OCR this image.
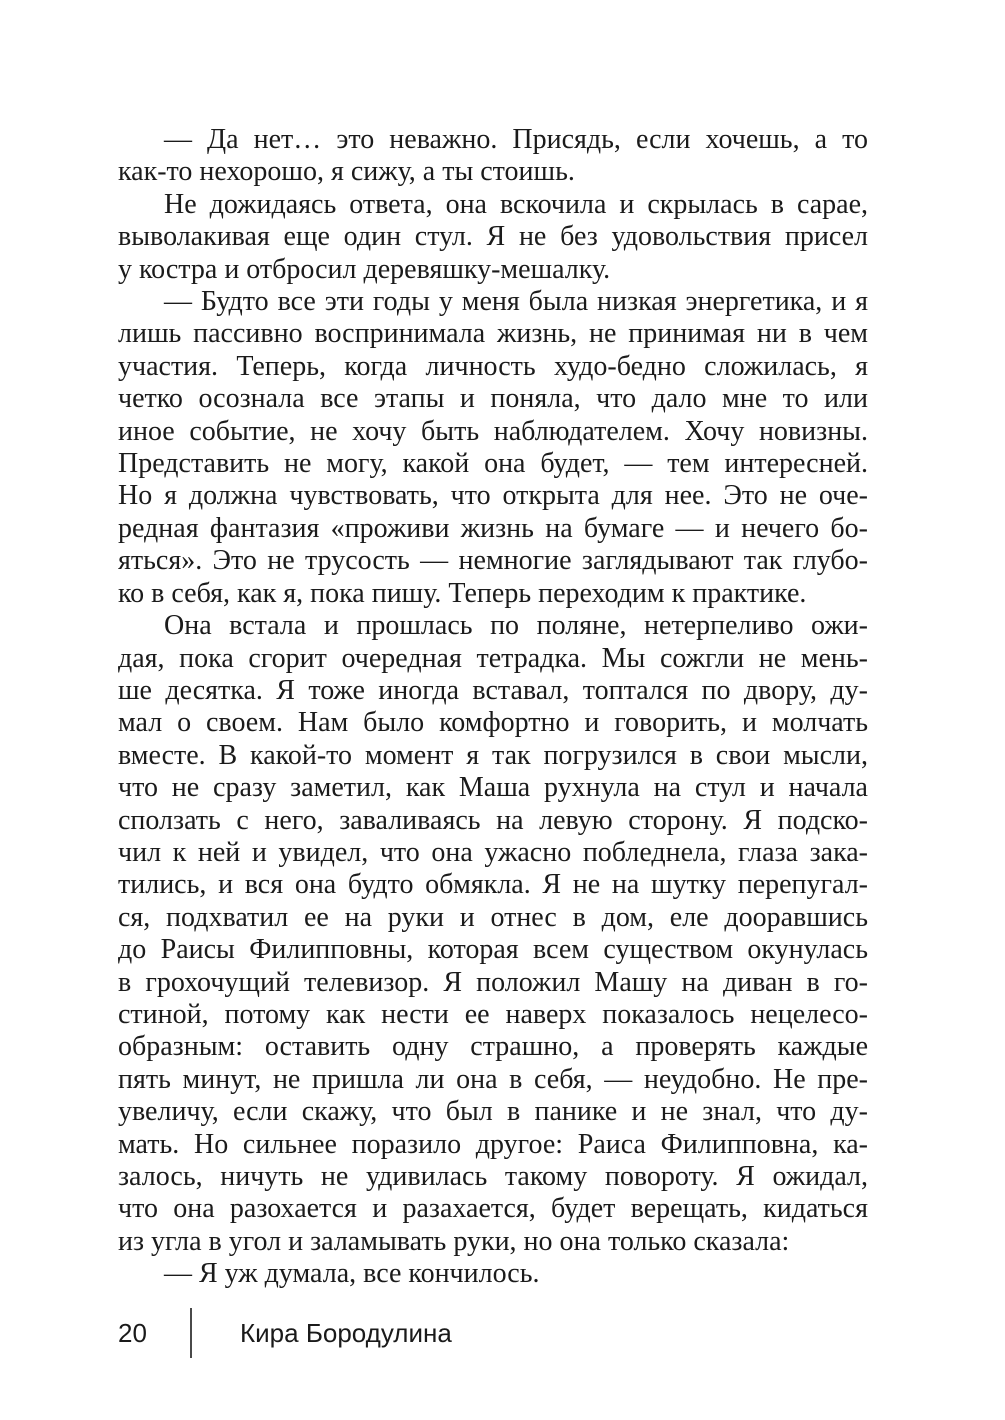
— Да нет… это неважно. Присядь, если хочешь, а то
как-то нехорошо, я сижу, а ты стоишь.
Не дожидаясь ответа, она вскочила и скрылась в сарае,
выволакивая еще один стул. Я не без удовольствия присел
у костра и отбросил деревяшку-мешалку.
— Будто все эти годы у меня была низкая энергетика, и я
лишь пассивно воспринимала жизнь, не принимая ни в чем
участия. Теперь, когда личность худо-бедно сложилась, я
четко осознала все этапы и поняла, что дало мне то или
иное событие, не хочу быть наблюдателем. Хочу новизны.
Представить не могу, какой она будет, — тем интересней.
Но я должна чувствовать, что открыта для нее. Это не оче-
редная фантазия «проживи жизнь на бумаге — и нечего бо-
яться». Это не трусость — немногие заглядывают так глубо-
ко в себя, как я, пока пишу. Теперь переходим к практике.
Она встала и прошлась по поляне, нетерпеливо ожи-
дая, пока сгорит очередная тетрадка. Мы сожгли не мень-
ше десятка. Я тоже иногда вставал, топтался по двору, ду-
мал о своем. Нам было комфортно и говорить, и молчать
вместе. В какой-то момент я так погрузился в свои мысли,
что не сразу заметил, как Маша рухнула на стул и начала
сползать с него, заваливаясь на левую сторону. Я подско-
чил к ней и увидел, что она ужасно побледнела, глаза зака-
тились, и вся она будто обмякла. Я не на шутку перепугал-
ся, подхватил ее на руки и отнес в дом, еле дооравшись
до Раисы Филипповны, которая всем существом окунулась
в грохочущий телевизор. Я положил Машу на диван в го-
стиной, потому как нести ее наверх показалось нецелесо-
образным: оставить одну страшно, а проверять каждые
пять минут, не пришла ли она в себя, — неудобно. Не пре-
увеличу, если скажу, что был в панике и не знал, что ду-
мать. Но сильнее поразило другое: Раиса Филипповна, ка-
залось, ничуть не удивилась такому повороту. Я ожидал,
что она разохается и разахается, будет верещать, кидаться
из угла в угол и заламывать руки, но она только сказала:
— Я уж думала, все кончилось.
20	Кира Бородулина
